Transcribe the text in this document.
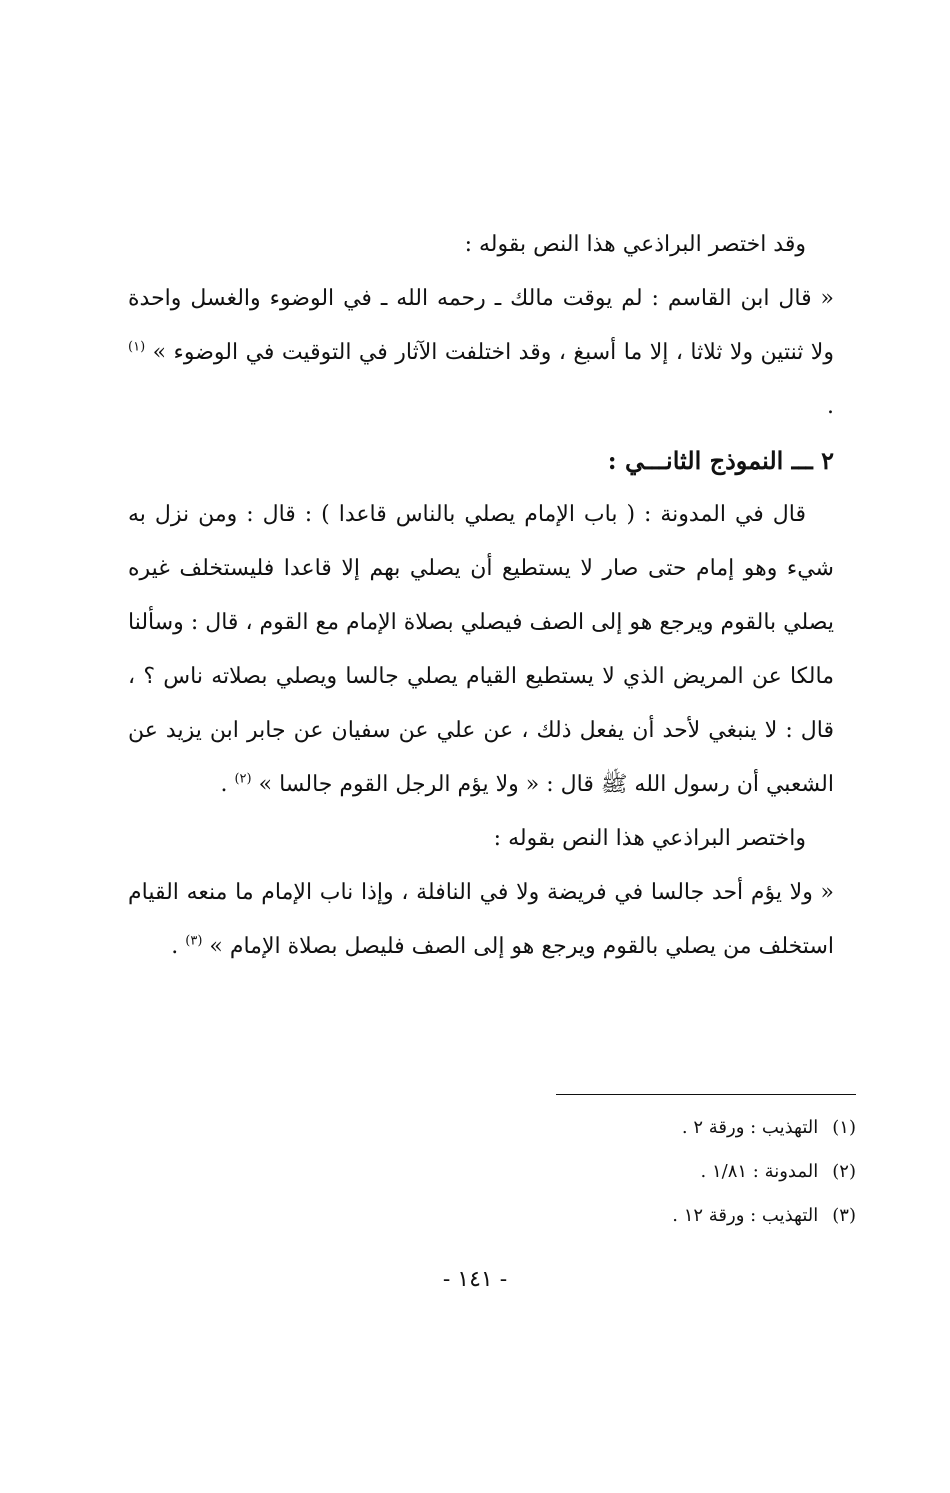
وقد اختصر البراذعي هذا النص بقوله :

« قال ابن القاسم : لم يوقت مالك ـ رحمه الله ـ في الوضوء والغسل واحدة ولا ثنتين ولا ثلاثا ، إلا ما أسبغ ، وقد اختلفت الآثار في التوقيت في الوضوء » $^{(١)}$ .

٢ ـــ النموذج الثانـــي :

قال في المدونة : ( باب الإمام يصلي بالناس قاعدا ) : قال : ومن نزل به شيء وهو إمام حتى صار لا يستطيع أن يصلي بهم إلا قاعدا فليستخلف غيره يصلي بالقوم ويرجع هو إلى الصف فيصلي بصلاة الإمام مع القوم ، قال : وسألنا مالكا عن المريض الذي لا يستطيع القيام يصلي جالسا ويصلي بصلاته ناس ؟ ، قال : لا ينبغي لأحد أن يفعل ذلك ، عن علي عن سفيان عن جابر ابن يزيد عن الشعبي أن رسول الله ﷺ قال : « ولا يؤم الرجل القوم جالسا » $^{(٢)}$ .

واختصر البراذعي هذا النص بقوله :

« ولا يؤم أحد جالسا في فريضة ولا في النافلة ، وإذا ناب الإمام ما منعه القيام استخلف من يصلي بالقوم ويرجع هو إلى الصف فليصل بصلاة الإمام » $^{(٣)}$ .

(١)التهذيب : ورقة ٢ .

(٢)المدونة : ١/٨١ .

(٣)التهذيب : ورقة ١٢ .

- ١٤١ -
